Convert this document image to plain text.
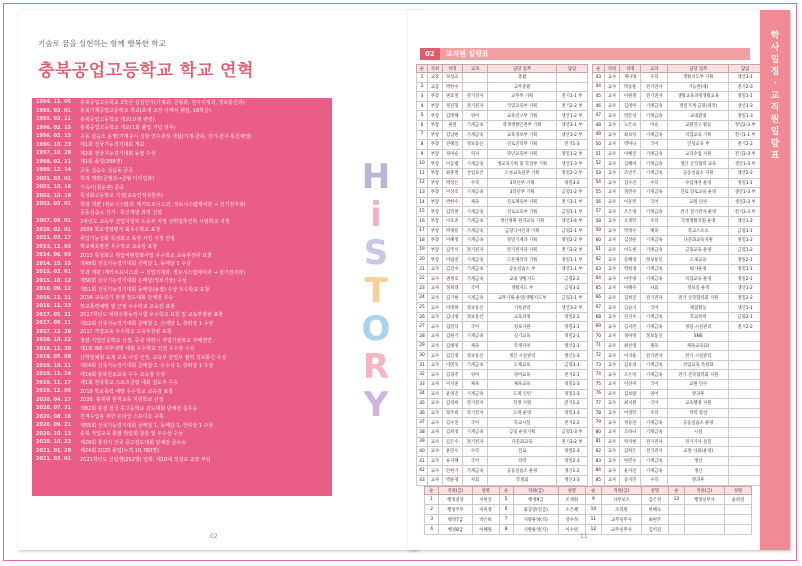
기술로 꿈을 실현하는 함께 행복한 학교
충북공업고등학교 학교 연혁
1994. 11. 05	충북공업고등학교 3학년 실업인가(기계과, 금형과, 전자기계과, 정보통신과)
1995. 03. 01	충북기계공업고등학교 개교(초대 교장 이태식 취임, 16학급)
1995. 03. 11	충북공업고등학교 개교(교명 변경)
1996. 02. 15	충북공업고등학교 개교(1회 졸업 기념 임무)
1996. 03. 15	공동 실습소 운영(기계공시 실방 연수과정 개설(기계·금속, 전기·전자·통신계열)
1996. 10. 23	제1회 전국기능경기대회 개최
1997. 10. 28	제2회 전국기능경기대회 동탑 수상
1998. 02. 11	제1회 졸업(358명)
1999. 12. 14	공동 실습소 실습동 준공
2001. 03. 01	학과 개편(금형과→금형 디자인과)
2001. 10. 16	기숙사(청운관) 준공
2002. 10. 18	특성화고등학교 지정(교육인적자원부)
2003. 03. 01	학과 개편 (정보시스템과, 메카트로닉스과, 정보시스템제어과 → 전기전자과)
공동실습소 전기 · 통신계열 과정 신설
2007. 09. 01	2차년도 교육부 산업자원부 노동부 지정 선취업후진학 시범학교 지정
2010. 02. 01	2009 학교경영평가 최우수학교 표창
2011. 03. 17	취업기능강화 특성화고 육성 사업 지정 선정
2013. 12. 02	학교체육발전 우수학교 교육감 표창
2014. 06. 03	2013 특성화고 취업역량강화사업 우수학교 교육부장관 표창
2014. 10. 15	제49회 전국기능경기대회 금메달 1, 동메달 1 수상
2015. 03. 01	학과 개편 (메카트로닉스과 → 정밀기계과, 정보시스템제어과 → 전기전자과)
2015. 10. 12	제50회 전국기능경기대회 은메달(정보기술) 수상
2016. 09. 12	제51회 전국기능경기대회 동메달(용접) 수상 우수학교 표창
2016. 11. 11	2016 교육감기 학생 검도대회 단체전 우승
2016. 11. 23	학교폭력예방 및 근절 우수학교 교육감 표창
2017. 05. 31	2017학년도 대학수학능력시험 우수학교 표창 및 교육부장관 표창
2017. 09. 11	제52회 전국기능경기대회 금메달 2, 은메달 1, 장려상 1 수상
2017. 12. 26	2017 직업교육 우수학교 교육부장관 표창
2018. 10. 22	청렴·기업인증학교 선정, 중국 대련시 직업기술학교 자매결연
2018. 11. 30	제1회 WE-하루대학 대회 우수학교 선정 우수상 수상
2019. 05. 08	산학일체형 도제 교육 사업 선정, 교육부 산업부 협력 정보통신 수상
2019. 10. 11	제54회 전국기능경기대회 금메달 2, 우수상 1, 장려상 1 수상
2019. 11. 14	제14회 충북진로교육 우수 교육청 수상
2019. 11. 17	제1회 전국학교 스포츠클럽 대회 검도부 우승
2019. 12. 05	2019 학교폭력 예방 우수학교 교육감 표창
2020. 04. 17	2020. 충북형 원격교육 지원학교 선정
2020. 07. 31	제82회 충청 전국 중고등학교 검도대회 단체전 준우승
2020. 08. 16	원격수업용 위한 온라인 스튜디오 구축
2020. 09. 21	제55회 전국기능경기대회 금메달 1, 동메달 1, 장려상 1 수상
2020. 10. 13	충북 직업교육 통합 박람회 참관 및 우수상 수상
2020. 10. 22	제29회 충청기 전국 중고검도대회 단체전 준우승
2021. 01. 29	제24회 2020 졸업(누적 10,760명)
2021. 03. 01	2021학년도 신입생(252명) 입학, 제10대 정성교 교장 부임
H
i
S
T
O
R
Y
02
02	교직원 일람표
순	직위	성명	교과	담당 업무	담임
1	교장	정성교		총괄	
2	교감	박한수		교무총괄	
3	부장	변효철	전기전자	교무부 기획	전기1-1 부
4	부장	정진형	전기전자	직업교육부 기획	전기2-2 부
5	부장	김명해	영어	교육연구부 기획	생산1-2 부
6	부장	권철	기계금속	학생생활안전부 기획	생산3-1 부
7	부장	김남현	기계금속	교육정보부 기획	생산3-2 부
8	부장	전혜일	정보통신	진로진학부 기획	전기1-3
9	부장	정미순	역사	학년교육부 기획	정밀1-2 부
10	부장	이동범	기계금속	생교육기획 및 학과부 기획	생산1-3 부
11	부장	최홍열	산업보건	드론교육실무 기획	정밀2-3 부
12	부장	박상돈	수학	3학년부 기획	정밀3-2
13	부장	이상호	기계금속	3학년부 기획	금형1-2 부
14	부장	박한수	체육	진로체육부 기획	전기3-1 부
15	부장	김민철	기계금속	진로교육부 기획	금형1-1 부
16	부장	이호준	기계금속	생산계획 원격교육 기획	생산3-4 부
17	부장	박재룡	기계금속	금형디자인과 기획	금형2-1 부
18	부장	이혜영	기계금속	정밀기계과 기획	정밀2-2 부
19	부장	김주석	전기전자	전기전자과 기획	전기3-2 부
20	부장	이범연	기계금속	드론제작과 기획	정밀1-1 부
21	교사	김진수	기계금속	공동실습소 부	생산1-1 부
22	교사	권정호	기계금속	교내 생활지도	금형2-2
23	교사	정희래	국어	생활지도 부	금형3-2
24	교사	김기현	기계금속	교무기획 운영/생활지도부	금형3-1 부
25	교사	이명희	정보통신	기록관리	생산3-2 부
26	교사	김나영	정보통신	교육과정	정밀2-2
27	교사	김민석	국어	정보지원	정밀3-1
28	교사	김현기	기계금속	실기교육	정밀2-1
29	교사	김태영	체육	학생자치	생산2-1
30	교사	김신영	정보통신	생산 시설관리	생산1-3
31	교사	이민욱	기계금속	도제교육	금형3-1
32	교사	김경주	영어	영어교육	전기2-1
33	교사	이지훈	체육	체육교육	정밀1-3
34	교사	윤영진	기계금속	도제 인턴	정밀1-3
35	교사	김영희	전기전자	학생 지원	전기1-2
36	교사	정주희	전기전자	도제 운영	정밀3-3
37	교사	김수연	국어	학교시설	전기2-2
38	교사	김희정	기계금속	금형 운영기획	금형1-3 부
39	교사	김은수	전기전자	다문화교육	전기3-2 부
40	교사	윤민우	수학	진로	정밀2-3
41	교사	류지혜	국어	학력	정밀2-3
42	교사	안현기	기계금속	공동실습소 운영	생산1-2
43	교사	박윤영	사회	학생회	생산3-3
순	직위	성명	교과	담당 업무	담임
43	교사	제나영	수학	생활지도부 기획	생산3-1
44	교사	박동훈	전기전자	기능반(제)	전기2-3
45	교사	이원철	전기전자	생활교육과정생활교육	정밀1-1
46	교사	김영미	기계금속	정밀기계 금형(제작)	생산3-3
47	교사	박문성	기계금속	교내환경	정밀1-3
48	교사	노은숙	미술	교원연구 활동	정밀2-3 부
49	교사	최보성	기계금속	직업교육 기획	전기1-1 부
50	교사	박미나	국어	인성교육 부	전기2-2
51	교사	이해진	기계금속	교과수업 지원	전기3-3 부
52	교사	김혜미	기계금속	생산 산학협력 교육	생산1-3 부
53	교사	조연주	기계금속	공동실습소 지원	생산2-2
54	교사	김수진	수학	수업개선 운영	정밀1-1
55	교사	정민수	기계금속	진로 진로교육 운영	생산1-3 부
56	교사	이유빈	국어	교원 연수	생산2-3 부
57	교사	조은영	기계금속	전기 전기전자 운영	전기3-3 부
58	교사	오정민	수학	학생생활지원 운영	생산1-2
59	교사	박정우	체육	학교스포츠	금형1-1
60	교사	김상순	기계금속	다문화교육지원	정밀1-2
61	교사	이도현	기계금속	금형교육 운영	금형1-2
62	교사	문혜경	정보통신	도제교육	정밀2-1
63	교사	박희정	기계금속	평가운영	정밀1-1
64	교사	이주영	기계금속	직업교육 운영	정밀2-1
65	교사	이혜수	사회	정보실 운영	생산1-2
66	교사	김희진	전기전자	전기 산학협력회 지원	정밀2-2
67	교사	김슬기	국어	체험활동	생산1-1
68	교사	신지수	기계금속	학교폭력	금형2-1
69	교사	김지민	기계금속	정밀 시설관리	전기2-2
70	교사	정아영	정보통신	SNS	
71	교사	최선영	체육	체육교육(2)	
72	교사	이지훈	전기전자	전기 시설관리	
73	교사	김유리	기계금속	직업교육 특성화	
74	교사	조은비	기계금속	전기 산학협력회 지원	
75	교사	이선미	국어	교원 연수	
76	교사	김보람	영어	방과후	
77	교사	최지원	국어	교육행정 지원	
78	교사	이정민	수학	학력 향상	
79	교사	정승연	기계금속	공동실습소 운영	
80	교사	조하나	기계금속	시설	
81	교사	박지현	전기전자	전기기사 실험	
82	교사	김하은	전기전자	교원 사회(운영)	
83	교사	한민우	기계금속	생산	
84	교사	윤서연	기계금속	생산	
85	교사	송지민	수학	방과후	
순	직위(급)	성명	순	직위(급)	성명	순	직위(급)	성명	순	직위(급)	성명
1	행정실장	이현진	5	행정9급	조재원	9	사무보조	김은정	13	행정실무사	윤희정
2	행정주무	이미정	6	화공장(일급)	소은혜	10	조리원	한혜숙			
3	행정7급	박은희	7	지방운영(직)	강수정	11	교무실무사	최현주			
4	행정8급	이혜원	8	지방운영(직)	이수영	12	교무실무사	김미진			
11
학
사
일
정
·
교
직
원
일
람
표
